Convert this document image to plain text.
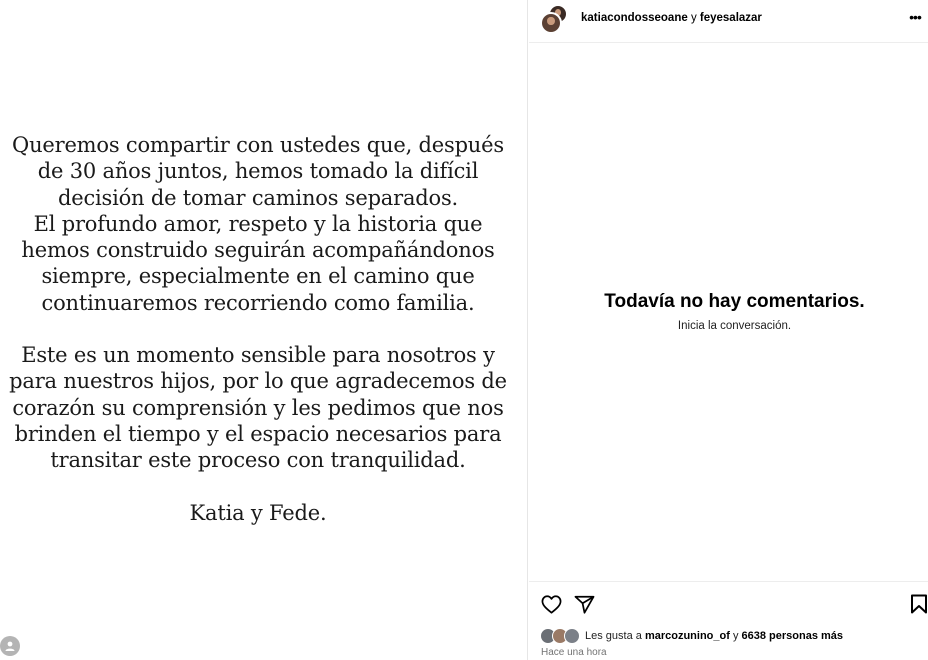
Queremos compartir con ustedes que, después

de 30 años juntos, hemos tomado la difícil

decisión de tomar caminos separados.

El profundo amor, respeto y la historia que

hemos construido seguirán acompañándonos

siempre, especialmente en el camino que

continuaremos recorriendo como familia.

Este es un momento sensible para nosotros y

para nuestros hijos, por lo que agradecemos de

corazón su comprensión y les pedimos que nos

brinden el tiempo y el espacio necesarios para

transitar este proceso con tranquilidad.

Katia y Fede.

katiacondosseoane y feyesalazar	•••
Todavía no hay comentarios.
Inicia la conversación.
Les gusta a marcozunino_of y 6638 personas más
Hace una hora
